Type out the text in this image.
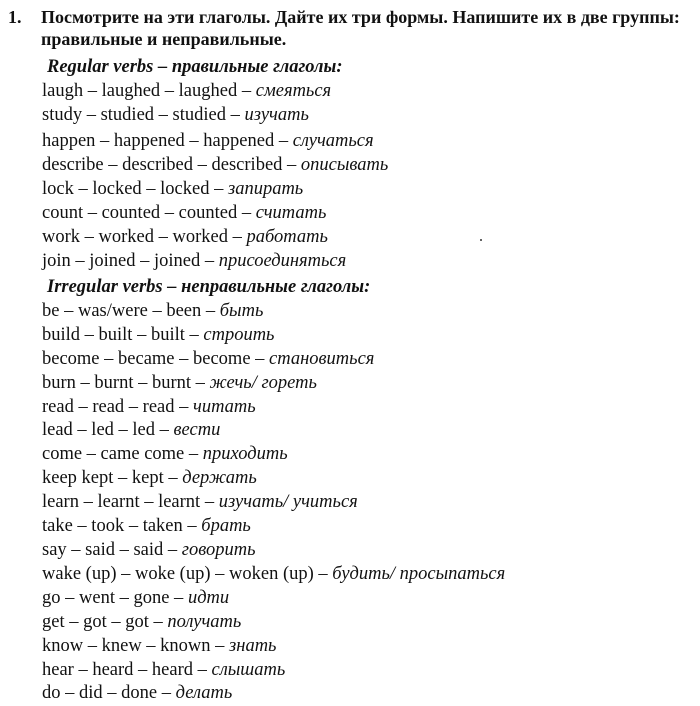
1. Посмотрите на эти глаголы. Дайте их три формы. Напишите их в две группы: правильные и неправильные.
Regular verbs – правильные глаголы:
laugh – laughed – laughed – смеяться
study – studied – studied – изучать
happen – happened – happened – случаться
describe – described – described – описывать
lock – locked – locked – запирать
count – counted – counted – считать
work – worked – worked – работать
join – joined – joined – присоединяться
Irregular verbs – неправильные глаголы:
be – was/were – been – быть
build – built – built – строить
become – became – become – становиться
burn – burnt – burnt – жечь/ гореть
read – read – read – читать
lead – led – led – вести
come – came come – приходить
keep kept – kept – держать
learn – learnt – learnt – изучать/ учиться
take – took – taken – брать
say – said – said – говорить
wake (up) – woke (up) – woken (up) – будить/ просыпаться
go – went – gone – идти
get – got – got – получать
know – knew – known – знать
hear – heard – heard – слышать
do – did – done – делать
